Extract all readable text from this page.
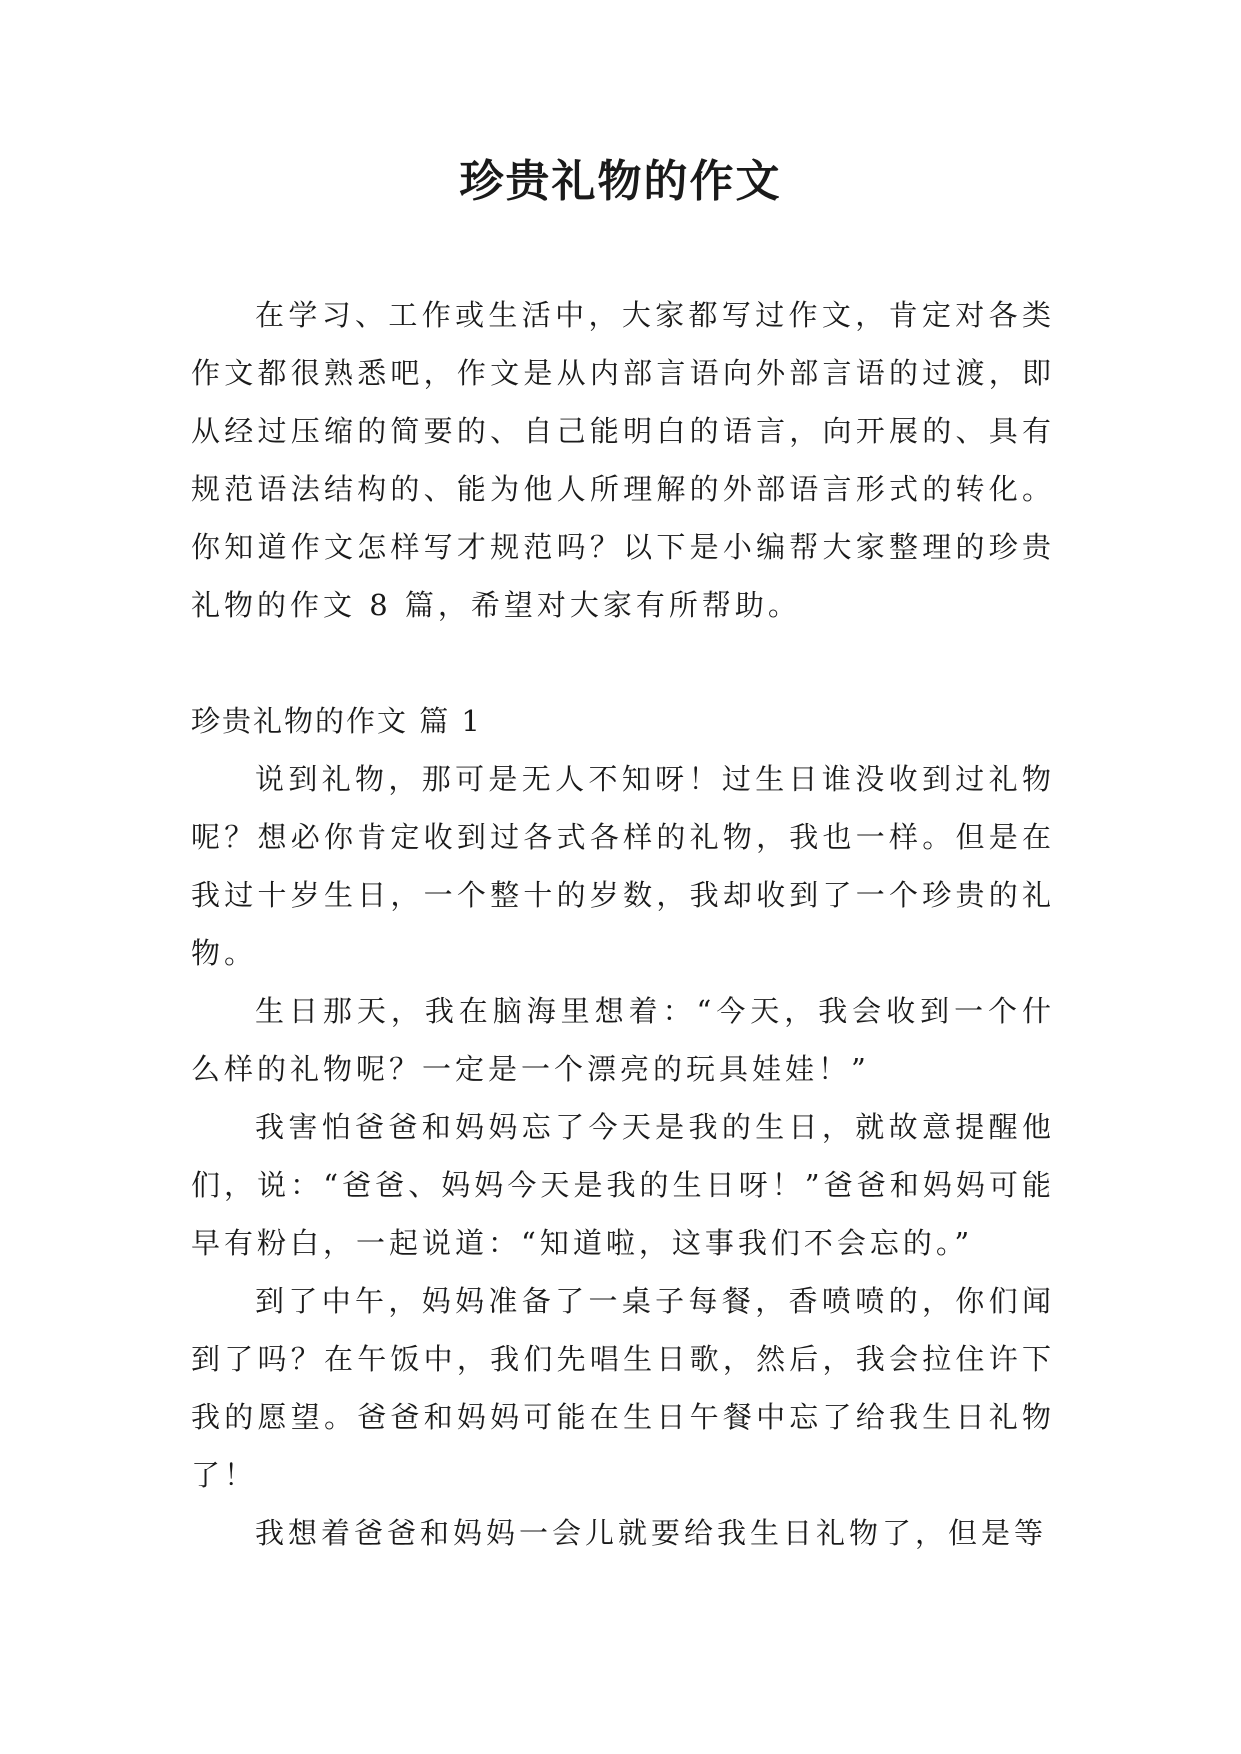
珍贵礼物的作文

在学习、工作或生活中，大家都写过作文，肯定对各类作文都很熟悉吧，作文是从内部言语向外部言语的过渡，即从经过压缩的简要的、自己能明白的语言，向开展的、具有规范语法结构的、能为他人所理解的外部语言形式的转化。你知道作文怎样写才规范吗？以下是小编帮大家整理的珍贵礼物的作文 8 篇，希望对大家有所帮助。

珍贵礼物的作文 篇 1

说到礼物，那可是无人不知呀！过生日谁没收到过礼物呢？想必你肯定收到过各式各样的礼物，我也一样。但是在我过十岁生日，一个整十的岁数，我却收到了一个珍贵的礼物。

生日那天，我在脑海里想着：“今天，我会收到一个什么样的礼物呢？一定是一个漂亮的玩具娃娃！”

我害怕爸爸和妈妈忘了今天是我的生日，就故意提醒他们，说：“爸爸、妈妈今天是我的生日呀！”爸爸和妈妈可能早有粉白，一起说道：“知道啦，这事我们不会忘的。”

到了中午，妈妈准备了一桌子每餐，香喷喷的，你们闻到了吗？在午饭中，我们先唱生日歌，然后，我会拉住许下我的愿望。爸爸和妈妈可能在生日午餐中忘了给我生日礼物了！

我想着爸爸和妈妈一会儿就要给我生日礼物了，但是等
